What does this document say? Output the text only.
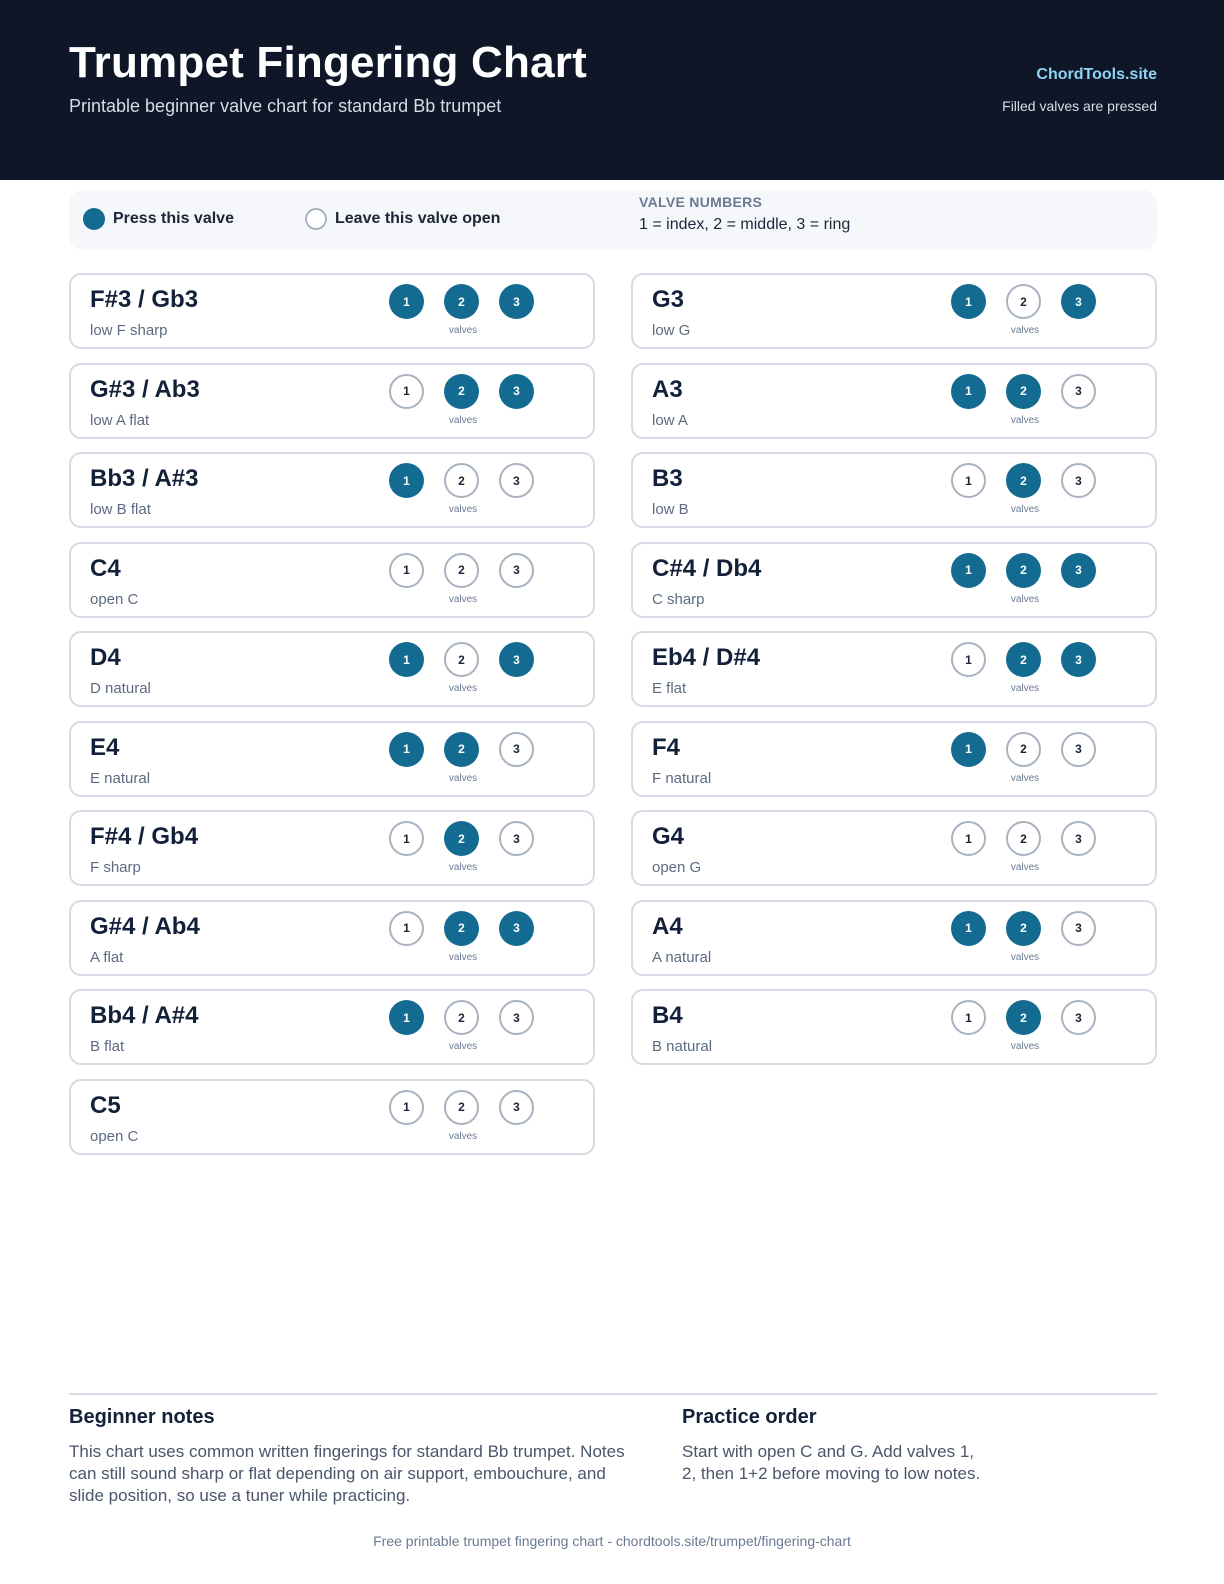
Trumpet Fingering Chart
Printable beginner valve chart for standard Bb trumpet
ChordTools.site
Filled valves are pressed
Press this valve	Leave this valve open
VALVE NUMBERS
1 = index, 2 = middle, 3 = ring
F#3 / Gb3
low F sharp
1	2	3
valves
G3
low G
1	2	3
valves
G#3 / Ab3
low A flat
1	2	3
valves
A3
low A
1	2	3
valves
Bb3 / A#3
low B flat
1	2	3
valves
B3
low B
1	2	3
valves
C4
open C
1	2	3
valves
C#4 / Db4
C sharp
1	2	3
valves
D4
D natural
1	2	3
valves
Eb4 / D#4
E flat
1	2	3
valves
E4
E natural
1	2	3
valves
F4
F natural
1	2	3
valves
F#4 / Gb4
F sharp
1	2	3
valves
G4
open G
1	2	3
valves
G#4 / Ab4
A flat
1	2	3
valves
A4
A natural
1	2	3
valves
Bb4 / A#4
B flat
1	2	3
valves
B4
B natural
1	2	3
valves
C5
open C
1	2	3
valves
Beginner notes
This chart uses common written fingerings for standard Bb trumpet. Notes
can still sound sharp or flat depending on air support, embouchure, and
slide position, so use a tuner while practicing.
Practice order
Start with open C and G. Add valves 1,
2, then 1+2 before moving to low notes.
Free printable trumpet fingering chart - chordtools.site/trumpet/fingering-chart
